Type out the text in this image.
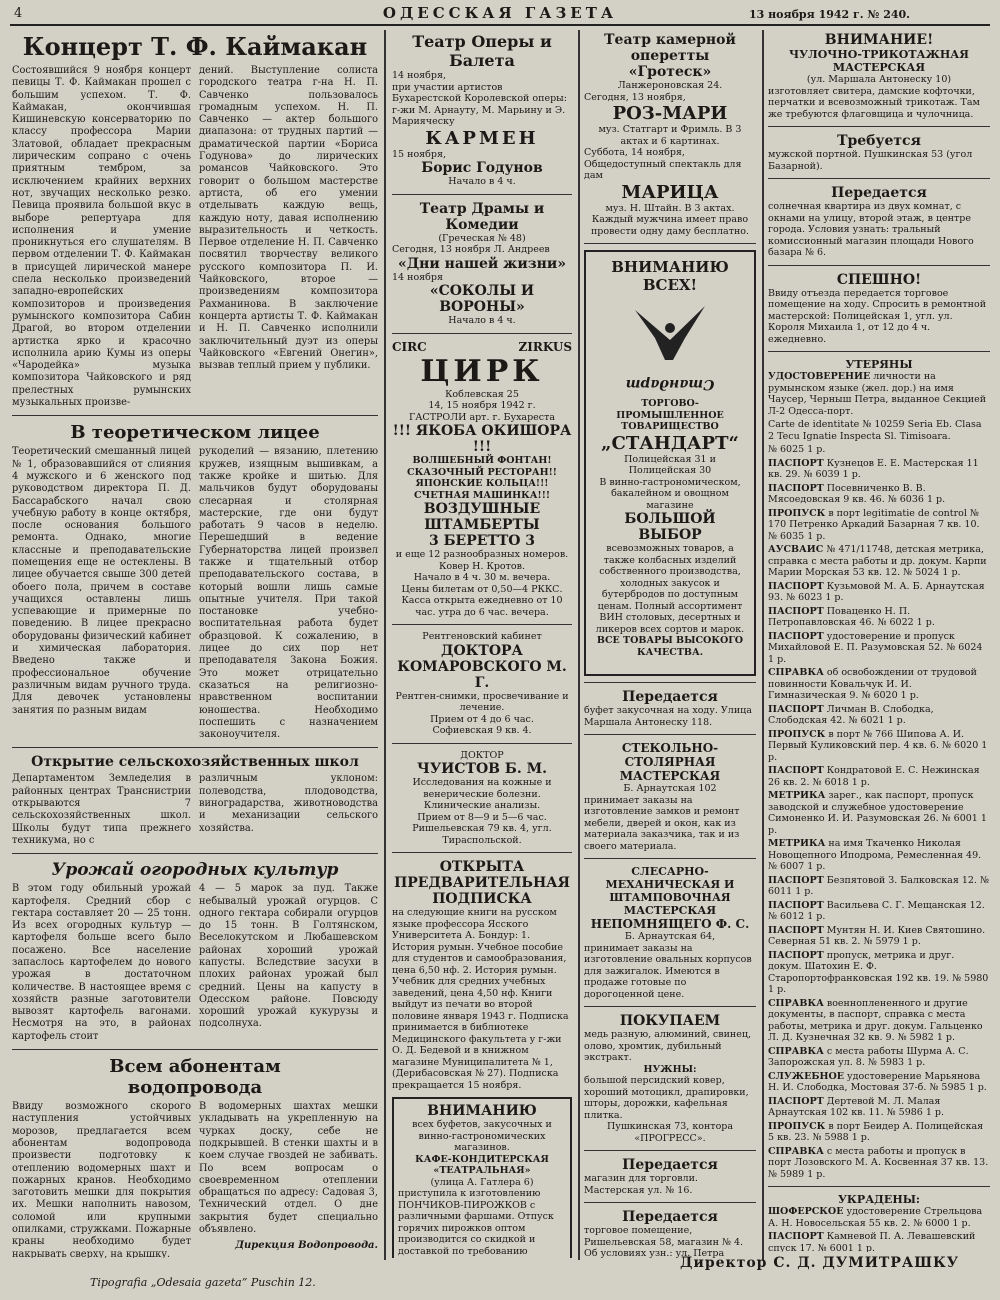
4	ОДЕССКАЯ ГАЗЕТА	13 ноября 1942 г. № 240.
Концерт Т. Ф. Каймакан

Состоявшийся 9 ноября концерт певицы Т. Ф. Каймакан прошел с большим успехом. Т. Ф. Каймакан, окончившая Кишиневскую консерваторию по классу профессора Марии Златовой, обладает прекрасным лирическим сопрано с очень приятным тембром, за исключением крайних верхних нот, звучащих несколько резко. Певица проявила большой вкус в выборе репертуара для исполнения и умение проникнуться его слушателям. В первом отделении Т. Ф. Каймакан в присущей лирической манере спела несколько произведений западно-европейских композиторов и произведения румынского композитора Сабин Драгой, во втором отделении артистка ярко и красочно исполнила арию Кумы из оперы «Чародейка» музыка композитора Чайковского и ряд прелестных румынских музыкальных произве-

дений. Выступление солиста городского театра г-на Н. П. Савченко пользовалось громадным успехом. Н. П. Савченко — актер большого диапазона: от трудных партий — драматической партии «Бориса Годунова» до лирических романсов Чайковского. Это говорит о большом мастерстве артиста, об его умении отделывать каждую вещь, каждую ноту, давая исполнению выразительность и четкость. Первое отделение Н. П. Савченко посвятил творчеству великого русского композитора П. И. Чайковского, второе — произведениям композитора Рахманинова. В заключение концерта артисты Т. Ф. Каймакан и Н. П. Савченко исполнили заключительный дуэт из оперы Чайковского «Евгений Онегин», вызвав теплый прием у публики.

В теоретическом лицее

Теоретический смешанный лицей № 1, образовавшийся от слияния 4 мужского и 6 женского под руководством директора П. Д. Бассарабского начал свою учебную работу в конце октября, после основания большого ремонта. Однако, многие классные и преподавательские помещения еще не остеклены. В лицее обучается свыше 300 детей обоего пола, причем в составе учащихся оставлены лишь успевающие и примерные по поведению. В лицее прекрасно оборудованы физический кабинет и химическая лаборатория. Введено также и профессиональное обучение различным видам ручного труда. Для девочек установлены занятия по разным видам

рукоделий — вязанию, плетению кружев, изящным вышивкам, а также кройке и шитью. Для мальчиков будут оборудованы слесарная и столярная мастерские, где они будут работать 9 часов в неделю. Перешедший в ведение Губернаторства лицей произвел также и тщательный отбор преподавательского состава, в который вошли лишь самые опытные учителя. При такой постановке учебно-воспитательная работа будет образцовой. К сожалению, в лицее до сих пор нет преподавателя Закона Божия. Это может отрицательно сказаться на религиозно-нравственном воспитании юношества. Необходимо поспешить с назначением законоучителя.

Открытие сельскохозяйственных школ

Департаментом Земледелия в районных центрах Транснистрии открываются 7 сельскохозяйственных школ. Школы будут типа прежнего техникума, но с

различным уклоном: полеводства, плодоводства, виноградарства, животноводства и механизации сельского хозяйства.

Урожай огородных культур

В этом году обильный урожай картофеля. Средний сбор с гектара составляет 20 — 25 тонн. Из всех огородных культур — картофеля больше всего было посажено. Все население запаслось картофелем до нового урожая в достаточном количестве. В настоящее время с хозяйств разные заготовители вывозят картофель вагонами. Несмотря на это, в районах картофель стоит

4 — 5 марок за пуд. Также небывалый урожай огурцов. С одного гектара собирали огурцов до 15 тонн. В Голтянском, Веселокутском и Любашевском районах хороший урожай капусты. Вследствие засухи в плохих районах урожай был средний. Цены на капусту в Одесском районе. Повсюду хороший урожай кукурузы и подсолнуха.

Всем абонентам
водопровода

Ввиду возможного скорого наступления устойчивых морозов, предлагается всем абонентам водопровода произвести подготовку к отеплению водомерных шахт и пожарных кранов. Необходимо заготовить мешки для покрытия их. Мешки наполнить навозом, соломой или крупными опилками, стружками. Пожарные краны необходимо будет накрывать сверху, на крышку.

В водомерных шахтах мешки укладывать на укрепленную на чурках доску, себе не подкрывшей. В стенки шахты и в коем случае гвоздей не забивать. По всем вопросам о своевременном отеплении обращаться по адресу: Садовая 3, Технический отдел. О дне закрытия будет специально объявлено.

Дирекция Водопровода.

Театр Оперы и Балета

14 ноября,

при участии артистов Бухарестской Королевской оперы: г-жи М. Арнауту, М. Марьину и Э. Марияческу

КАРМЕН

15 ноября,

Борис Годунов

Начало в 4 ч.

Театр Драмы и Комедии

(Греческая № 48)

Сегодня, 13 ноября Л. Андреев

«Дни нашей жизни»

14 ноября

«СОКОЛЫ И ВОРОНЫ»

Начало в 4 ч.

CIRC	ZIRKUS
ЦИРК

Коблевская 25

14, 15 ноября 1942 г.

ГАСТРОЛИ арт. г. Бухареста

!!! ЯКОБА ОКИШОРА !!!

ВОЛШЕБНЫЙ ФОНТАН! СКАЗОЧНЫЙ РЕСТОРАН!! ЯПОНСКИЕ КОЛЬЦА!!! СЧЕТНАЯ МАШИНКА!!!

ВОЗДУШНЫЕ ШТАМБЕРТЫ
3 БЕРЕТТО 3

и еще 12 разнообразных номеров. Ковер Н. Кротов.

Начало в 4 ч. 30 м. вечера.

Цены билетам от 0,50—4 РККС. Касса открыта ежедневно от 10 час. утра до 6 час. вечера.

Рентгеновский кабинет

ДОКТОРА КОМАРОВСКОГО М. Г.

Рентген-снимки, просвечивание и лечение.

Прием от 4 до 6 час.

Софиевская 9 кв. 4.

ДОКТОР

ЧУИСТОВ Б. М.

Исследования на кожные и венерические болезни. Клинические анализы.

Прием от 8—9 и 5—6 час.

Ришельевская 79 кв. 4, угл. Тираспольской.

ОТКРЫТА ПРЕДВАРИТЕЛЬНАЯ ПОДПИСКА

на следующие книги на русском языке профессора Ясского Университета А. Бондур: 1. История румын. Учебное пособие для студентов и самообразования, цена 6,50 нф. 2. История румын. Учебник для средних учебных заведений, цена 4,50 нф. Книги выйдут из печати во второй половине января 1943 г. Подписка принимается в библиотеке Медицинского факультета у г-жи О. Д. Бедевой и в книжном магазине Муниципалитета № 1, (Дерибасовская № 27). Подписка прекращается 15 ноября.

ВНИМАНИЮ

всех буфетов, закусочных и винно-гастрономических магазинов.

КАФЕ-КОНДИТЕРСКАЯ «ТЕАТРАЛЬНАЯ»

(улица А. Гатлера 6)

приступила к изготовлению ПОНЧИКОВ-ПИРОЖКОВ с различными фаршами. Отпуск горячих пирожков оптом производится со скидкой и доставкой по требованию

Театр камерной оперетты
«Гротеск»

Ланжероновская 24.

Сегодня, 13 ноября,

РОЗ-МАРИ

муз. Статгарт и Фримль. В 3 актах и 6 картинах.

Суббота, 14 ноября, Общедоступный спектакль для дам

МАРИЦА

муз. Н. Штайн. В 3 актах. Каждый мужчина имеет право провести одну даму бесплатно.

ВНИМАНИЮ ВСЕХ!
Стандарт

ТОРГОВО-ПРОМЫШЛЕННОЕ ТОВАРИЩЕСТВО

„СТАНДАРТ“

Полицейская 31 и Полицейская 30

В винно-гастрономическом, бакалейном и овощном магазине

БОЛЬШОЙ ВЫБОР

всевозможных товаров, а также колбасных изделий собственного производства, холодных закусок и бутербродов по доступным ценам. Полный ассортимент ВИН столовых, десертных и ликеров всех сортов и марок.

ВСЕ ТОВАРЫ ВЫСОКОГО КАЧЕСТВА.

Передается

буфет закусочная на ходу. Улица Маршала Антонеску 118.

СТЕКОЛЬНО-СТОЛЯРНАЯ МАСТЕРСКАЯ

Б. Арнаутская 102

принимает заказы на изготовление замков и ремонт мебели, дверей и окон, как из материала заказчика, так и из своего материала.

СЛЕСАРНО-МЕХАНИЧЕСКАЯ И ШТАМПОВОЧНАЯ МАСТЕРСКАЯ
НЕПОМНЯЩЕГО Ф. С.

Б. Арнаутская 64,

принимает заказы на изготовление овальных корпусов для зажигалок. Имеются в продаже готовые по дорогоценной цене.

ПОКУПАЕМ

медь разную, алюминий, свинец, олово, хромтик, дубильный экстракт.

НУЖНЫ:

большой персидский ковер, хороший мотоцикл, драпировки, шторы, дорожки, кафельная плитка.

Пушкинская 73, контора «ПРОГРЕСС».

Передается

магазин для торговли. Мастерская ул. № 16.

Передается

торговое помещение, Ришельевская 58, магазин № 4. Об условиях узн.: ул. Петра

ВНИМАНИЕ!
ЧУЛОЧНО-ТРИКОТАЖНАЯ МАСТЕРСКАЯ

(ул. Маршала Антонеску 10)

изготовляет свитера, дамские кофточки, перчатки и всевозможный трикотаж. Там же требуются флаговщица и чулочница.

Требуется

мужской портной. Пушкинская 53 (угол Базарной).

Передается

солнечная квартира из двух комнат, с окнами на улицу, второй этаж, в центре города. Условия узнать: тральный комиссионный магазин площади Нового базара № 6.

СПЕШНО!

Ввиду отъезда передается торговое помещение на ходу. Спросить в ремонтной мастерской: Полицейская 1, угл. ул. Короля Михаила 1, от 12 до 4 ч. ежедневно.

УТЕРЯНЫ

УДОСТОВЕРЕНИЕ личности на румынском языке (жел. дор.) на имя Чаусер, Черныш Петра, выданное Секцией Л-2 Одесса-порт.

Carte de identitate № 10259 Seria Eb. Clasa 2 Tecu Ignatie Inspecta Sl. Timisoara.

№ 6025 1 р.

ПАСПОРТ Кузнецов Е. Е. Мастерская 11 кв. 29. № 6039 1 р.

ПАСПОРТ Посевниченко В. В. Мясоедовская 9 кв. 46. № 6036 1 р.

ПРОПУСК в порт legitimatie de control № 170 Петренко Аркадий Базарная 7 кв. 10. № 6035 1 р.

АУСВАИС № 471/11748, детская метрика, справка с места работы и др. докум. Карпи Марии Морская 53 кв. 12. № 5024 1 р.

ПАСПОРТ Кузьмовой М. А. Б. Арнаутская 93. № 6023 1 р.

ПАСПОРТ Поваценко Н. П. Петропавловская 46. № 6022 1 р.

ПАСПОРТ удостоверение и пропуск Михайловой Е. П. Разумовская 52. № 6024 1 р.

СПРАВКА об освобождении от трудовой повинности Ковальчук И. И. Гимназическая 9. № 6020 1 р.

ПАСПОРТ Личман В. Слободка, Слободская 42. № 6021 1 р.

ПРОПУСК в порт № 766 Шипова А. И. Первый Куликовский пер. 4 кв. 6. № 6020 1 р.

ПАСПОРТ Кондратовой Е. С. Нежинская 26 кв. 2. № 6018 1 р.

МЕТРИКА зарег., как паспорт, пропуск заводской и служебное удостоверение Симоненко И. И. Разумовская 26. № 6001 1 р.

МЕТРИКА на имя Ткаченко Николая Новощепного Иподрома, Ремесленная 49. № 6007 1 р.

ПАСПОРТ Безпятовой З. Балковская 12. № 6011 1 р.

ПАСПОРТ Васильева С. Г. Мещанская 12. № 6012 1 р.

ПАСПОРТ Мунтян Н. И. Киев Святошино. Северная 51 кв. 2. № 5979 1 р.

ПАСПОРТ пропуск, метрика и друг. докум. Шатохин Е. Ф. Старопортофранковская 192 кв. 19. № 5980 1 р.

СПРАВКА военноплененного и другие документы, в паспорт, справка с места работы, метрика и друг. докум. Гальценко Л. Д. Кузнечная 32 кв. 9. № 5982 1 р.

СПРАВКА с места работы Шурма А. С. Запорожская ул. 8. № 5983 1 р.

СЛУЖЕБНОЕ удостоверение Марьянова Н. И. Слободка, Мостовая 37-б. № 5985 1 р.

ПАСПОРТ Дертевой М. Л. Малая Арнаутская 102 кв. 11. № 5986 1 р.

ПРОПУСК в порт Беидер А. Полицейская 5 кв. 23. № 5988 1 р.

СПРАВКА с места работы и пропуск в порт Лозовского М. А. Косвенная 37 кв. 13. № 5989 1 р.

УКРАДЕНЫ:

ШОФЕРСКОЕ удостоверение Стрельцова А. Н. Новосельская 55 кв. 2. № 6000 1 р.

ПАСПОРТ Камневой П. А. Левашевский спуск 17. № 6001 1 р.

Директор С. Д. ДУМИТРАШКУ
Tipografia „Odesaia gazeta” Puschin 12.
